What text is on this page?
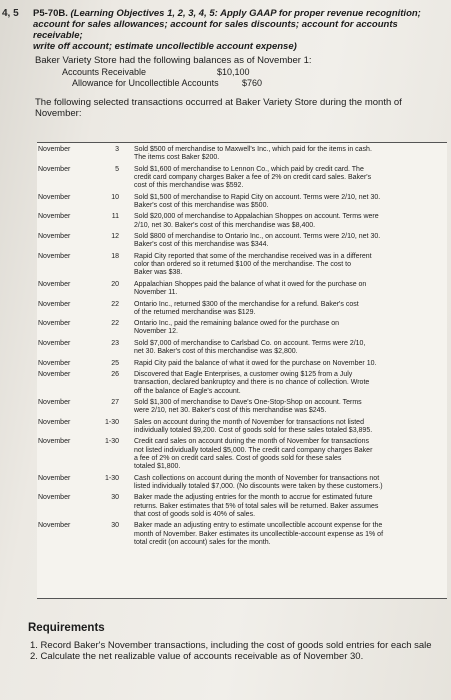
4, 5 P5-70B. (Learning Objectives 1, 2, 3, 4, 5: Apply GAAP for proper revenue recognition;
account for sales allowances; account for sales discounts; account for accounts receivable;
write off account; estimate uncollectible account expense)
Baker Variety Store had the following balances as of November 1:
Accounts Receivable	$10,100
Allowance for Uncollectible Accounts	$760
The following selected transactions occurred at Baker Variety Store during the month of
November:
November	3 Sold $500 of merchandise to Maxwell's Inc., which paid for the items in cash.
The items cost Baker $200.
November	5 Sold $1,600 of merchandise to Lennon Co., which paid by credit card. The
credit card company charges Baker a fee of 2% on credit card sales. Baker's
cost of this merchandise was $592.
November	10 Sold $1,500 of merchandise to Rapid City on account. Terms were 2/10, net 30.
Baker's cost of this merchandise was $500.
November	11 Sold $20,000 of merchandise to Appalachian Shoppes on account. Terms were
2/10, net 30. Baker's cost of this merchandise was $8,400.
November	12 Sold $800 of merchandise to Ontario Inc., on account. Terms were 2/10, net 30.
Baker's cost of this merchandise was $344.
November	18 Rapid City reported that some of the merchandise received was in a different
color than ordered so it returned $100 of the merchandise. The cost to
Baker was $38.
November	20 Appalachian Shoppes paid the balance of what it owed for the purchase on
November 11.
November	22 Ontario Inc., returned $300 of the merchandise for a refund. Baker's cost
of the returned merchandise was $129.
November	22 Ontario Inc., paid the remaining balance owed for the purchase on
November 12.
November	23 Sold $7,000 of merchandise to Carlsbad Co. on account. Terms were 2/10,
net 30. Baker's cost of this merchandise was $2,800.
November	25 Rapid City paid the balance of what it owed for the purchase on November 10.
November	26 Discovered that Eagle Enterprises, a customer owing $125 from a July
transaction, declared bankruptcy and there is no chance of collection. Wrote
off the balance of Eagle's account.
November	27 Sold $1,300 of merchandise to Dave's One-Stop-Shop on account. Terms
were 2/10, net 30. Baker's cost of this merchandise was $245.
November	1-30 Sales on account during the month of November for transactions not listed
individually totaled $9,200. Cost of goods sold for these sales totaled $3,895.
November	1-30 Credit card sales on account during the month of November for transactions
not listed individually totaled $5,000. The credit card company charges Baker
a fee of 2% on credit card sales. Cost of goods sold for these sales
totaled $1,800.
November	1-30 Cash collections on account during the month of November for transactions not
listed individually totaled $7,000. (No discounts were taken by these customers.)
November	30 Baker made the adjusting entries for the month to accrue for estimated future
returns. Baker estimates that 5% of total sales will be returned. Baker assumes
that cost of goods sold is 40% of sales.
November	30 Baker made an adjusting entry to estimate uncollectible account expense for the
month of November. Baker estimates its uncollectible-account expense as 1% of
total credit (on account) sales for the month.
Requirements
1. Record Baker's November transactions, including the cost of goods sold entries for each sale
2. Calculate the net realizable value of accounts receivable as of November 30.
